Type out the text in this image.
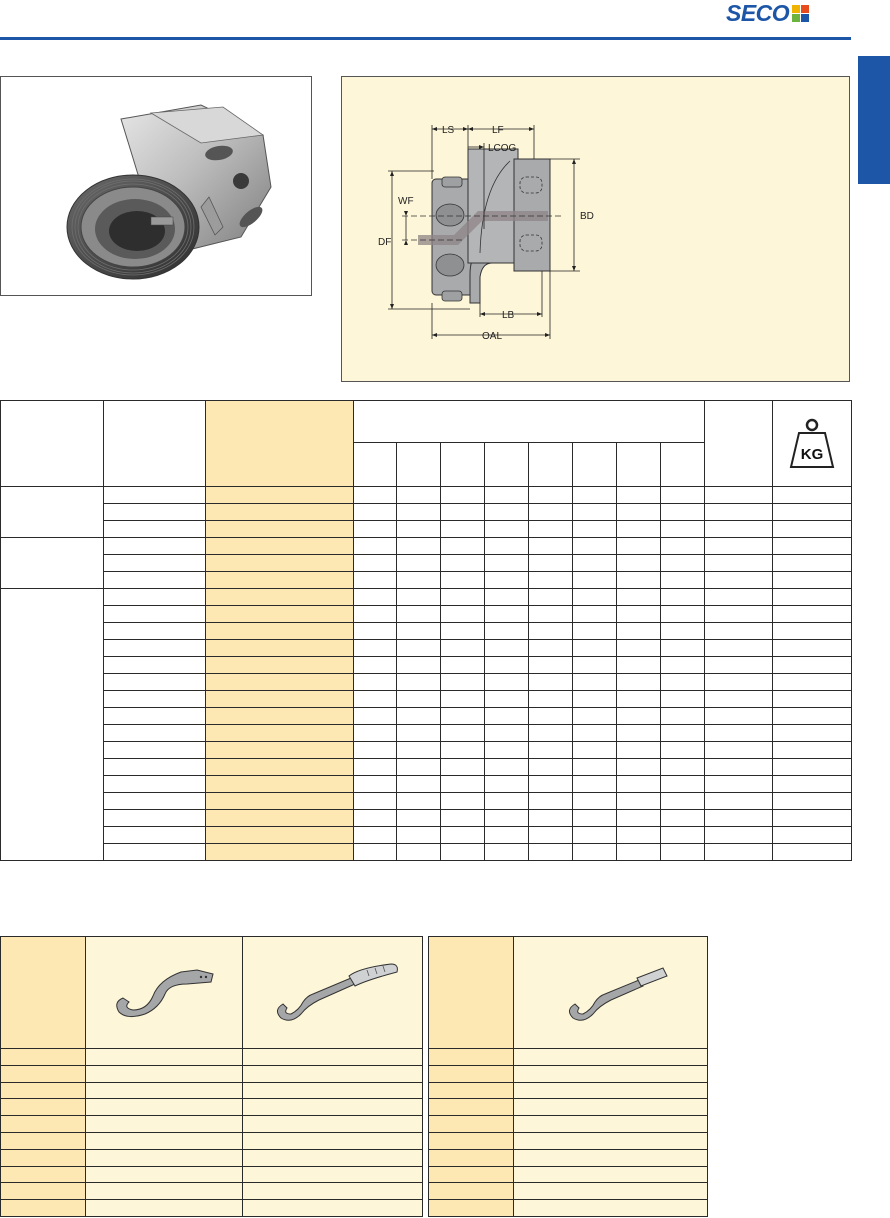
SECO
LS	LF
LCOG
WF
DF
BD
LB
OAL

KG
